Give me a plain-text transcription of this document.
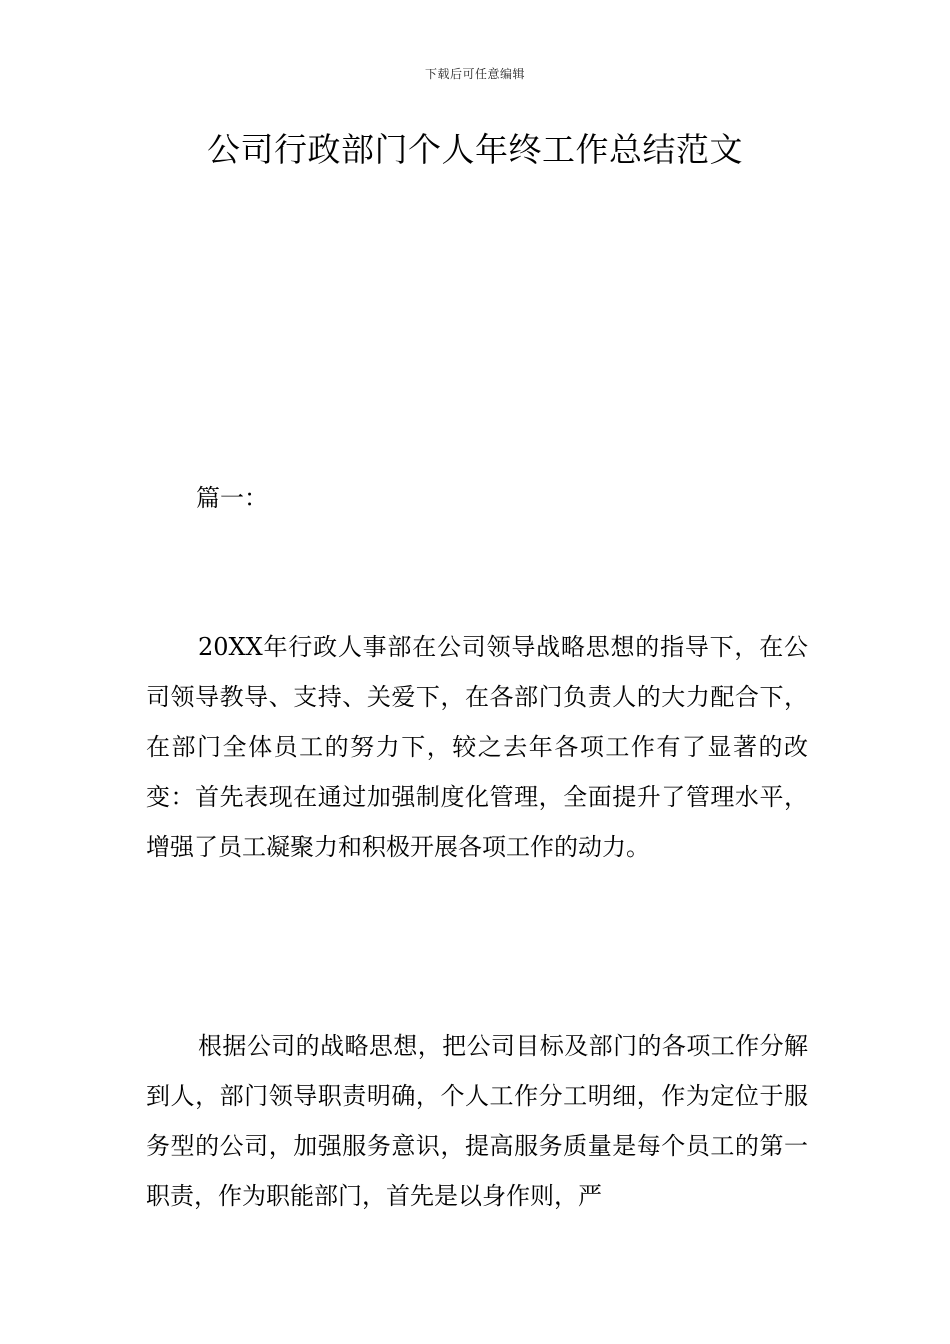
下载后可任意编辑
公司行政部门个人年终工作总结范文

篇一：

20XX年行政人事部在公司领导战略思想的指导下，在公司领导教导、支持、关爱下，在各部门负责人的大力配合下，在部门全体员工的努力下，较之去年各项工作有了显著的改变：首先表现在通过加强制度化管理，全面提升了管理水平，增强了员工凝聚力和积极开展各项工作的动力。

根据公司的战略思想，把公司目标及部门的各项工作分解到人，部门领导职责明确，个人工作分工明细，作为定位于服务型的公司，加强服务意识，提高服务质量是每个员工的第一职责，作为职能部门，首先是以身作则，严
